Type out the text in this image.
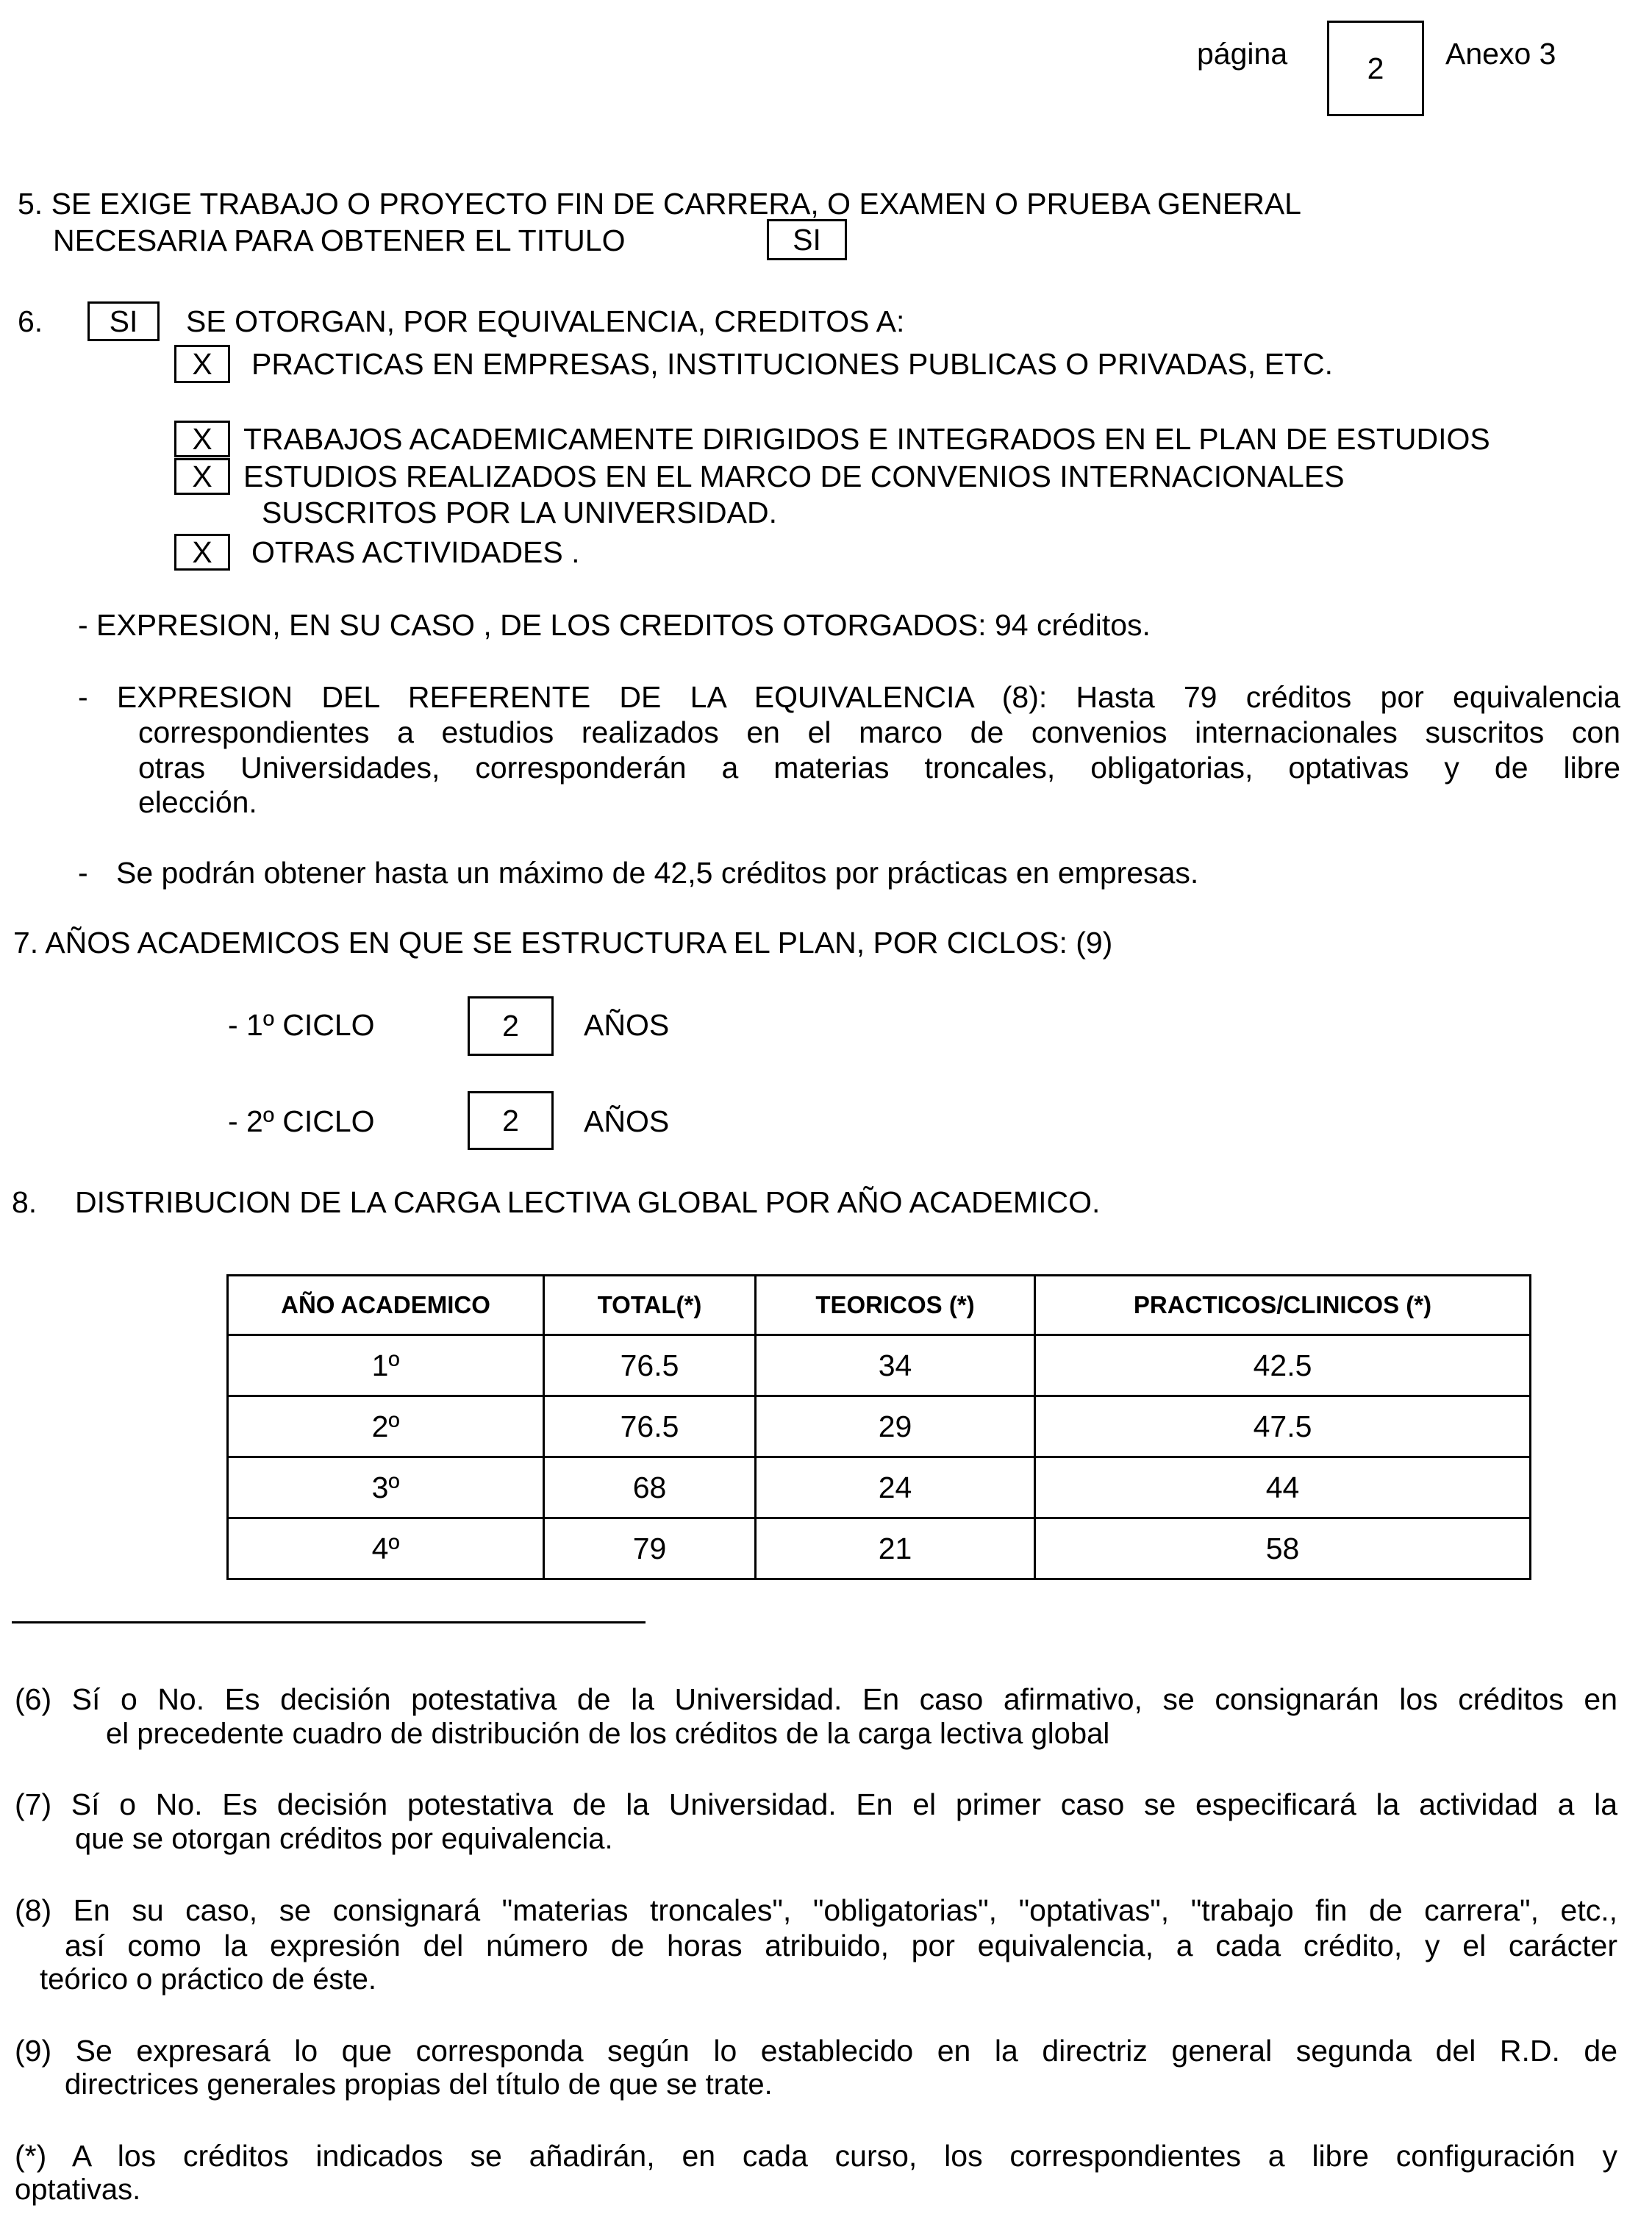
página	2 Anexo 3
5. SE EXIGE TRABAJO O PROYECTO FIN DE CARRERA, O EXAMEN O PRUEBA GENERAL
NECESARIA PARA OBTENER EL TITULO	SI
6. SI SE OTORGAN, POR EQUIVALENCIA, CREDITOS A:
X PRACTICAS EN EMPRESAS, INSTITUCIONES PUBLICAS O PRIVADAS, ETC.
X TRABAJOS ACADEMICAMENTE DIRIGIDOS E INTEGRADOS EN EL PLAN DE ESTUDIOS
X ESTUDIOS REALIZADOS EN EL MARCO DE CONVENIOS INTERNACIONALES
SUSCRITOS POR LA UNIVERSIDAD.
X OTRAS ACTIVIDADES .
- EXPRESION, EN SU CASO , DE LOS CREDITOS OTORGADOS: 94 créditos.
- EXPRESION DEL REFERENTE DE LA EQUIVALENCIA (8): Hasta 79 créditos por equivalencia
correspondientes a estudios realizados en el marco de convenios internacionales suscritos con
otras Universidades, corresponderán a materias troncales, obligatorias, optativas y de libre
elección.
- Se podrán obtener hasta un máximo de 42,5 créditos por prácticas en empresas.
7. AÑOS ACADEMICOS EN QUE SE ESTRUCTURA EL PLAN, POR CICLOS: (9)
- 1º CICLO	2 AÑOS
- 2º CICLO	2 AÑOS
8. DISTRIBUCION DE LA CARGA LECTIVA GLOBAL POR AÑO ACADEMICO.
AÑO ACADEMICO	TOTAL(*)	TEORICOS (*)	PRACTICOS/CLINICOS (*)
1º	76.5	34	42.5
2º	76.5	29	47.5
3º	68	24	44
4º	79	21	58
(6) Sí o No. Es decisión potestativa de la Universidad. En caso afirmativo, se consignarán los créditos en
el precedente cuadro de distribución de los créditos de la carga lectiva global
(7) Sí o No. Es decisión potestativa de la Universidad. En el primer caso se especificará la actividad a la
que se otorgan créditos por equivalencia.
(8) En su caso, se consignará "materias troncales", "obligatorias", "optativas", "trabajo fin de carrera", etc.,
así como la expresión del número de horas atribuido, por equivalencia, a cada crédito, y el carácter
teórico o práctico de éste.
(9) Se expresará lo que corresponda según lo establecido en la directriz general segunda del R.D. de
directrices generales propias del título de que se trate.
(*) A los créditos indicados se añadirán, en cada curso, los correspondientes a libre configuración y
optativas.
